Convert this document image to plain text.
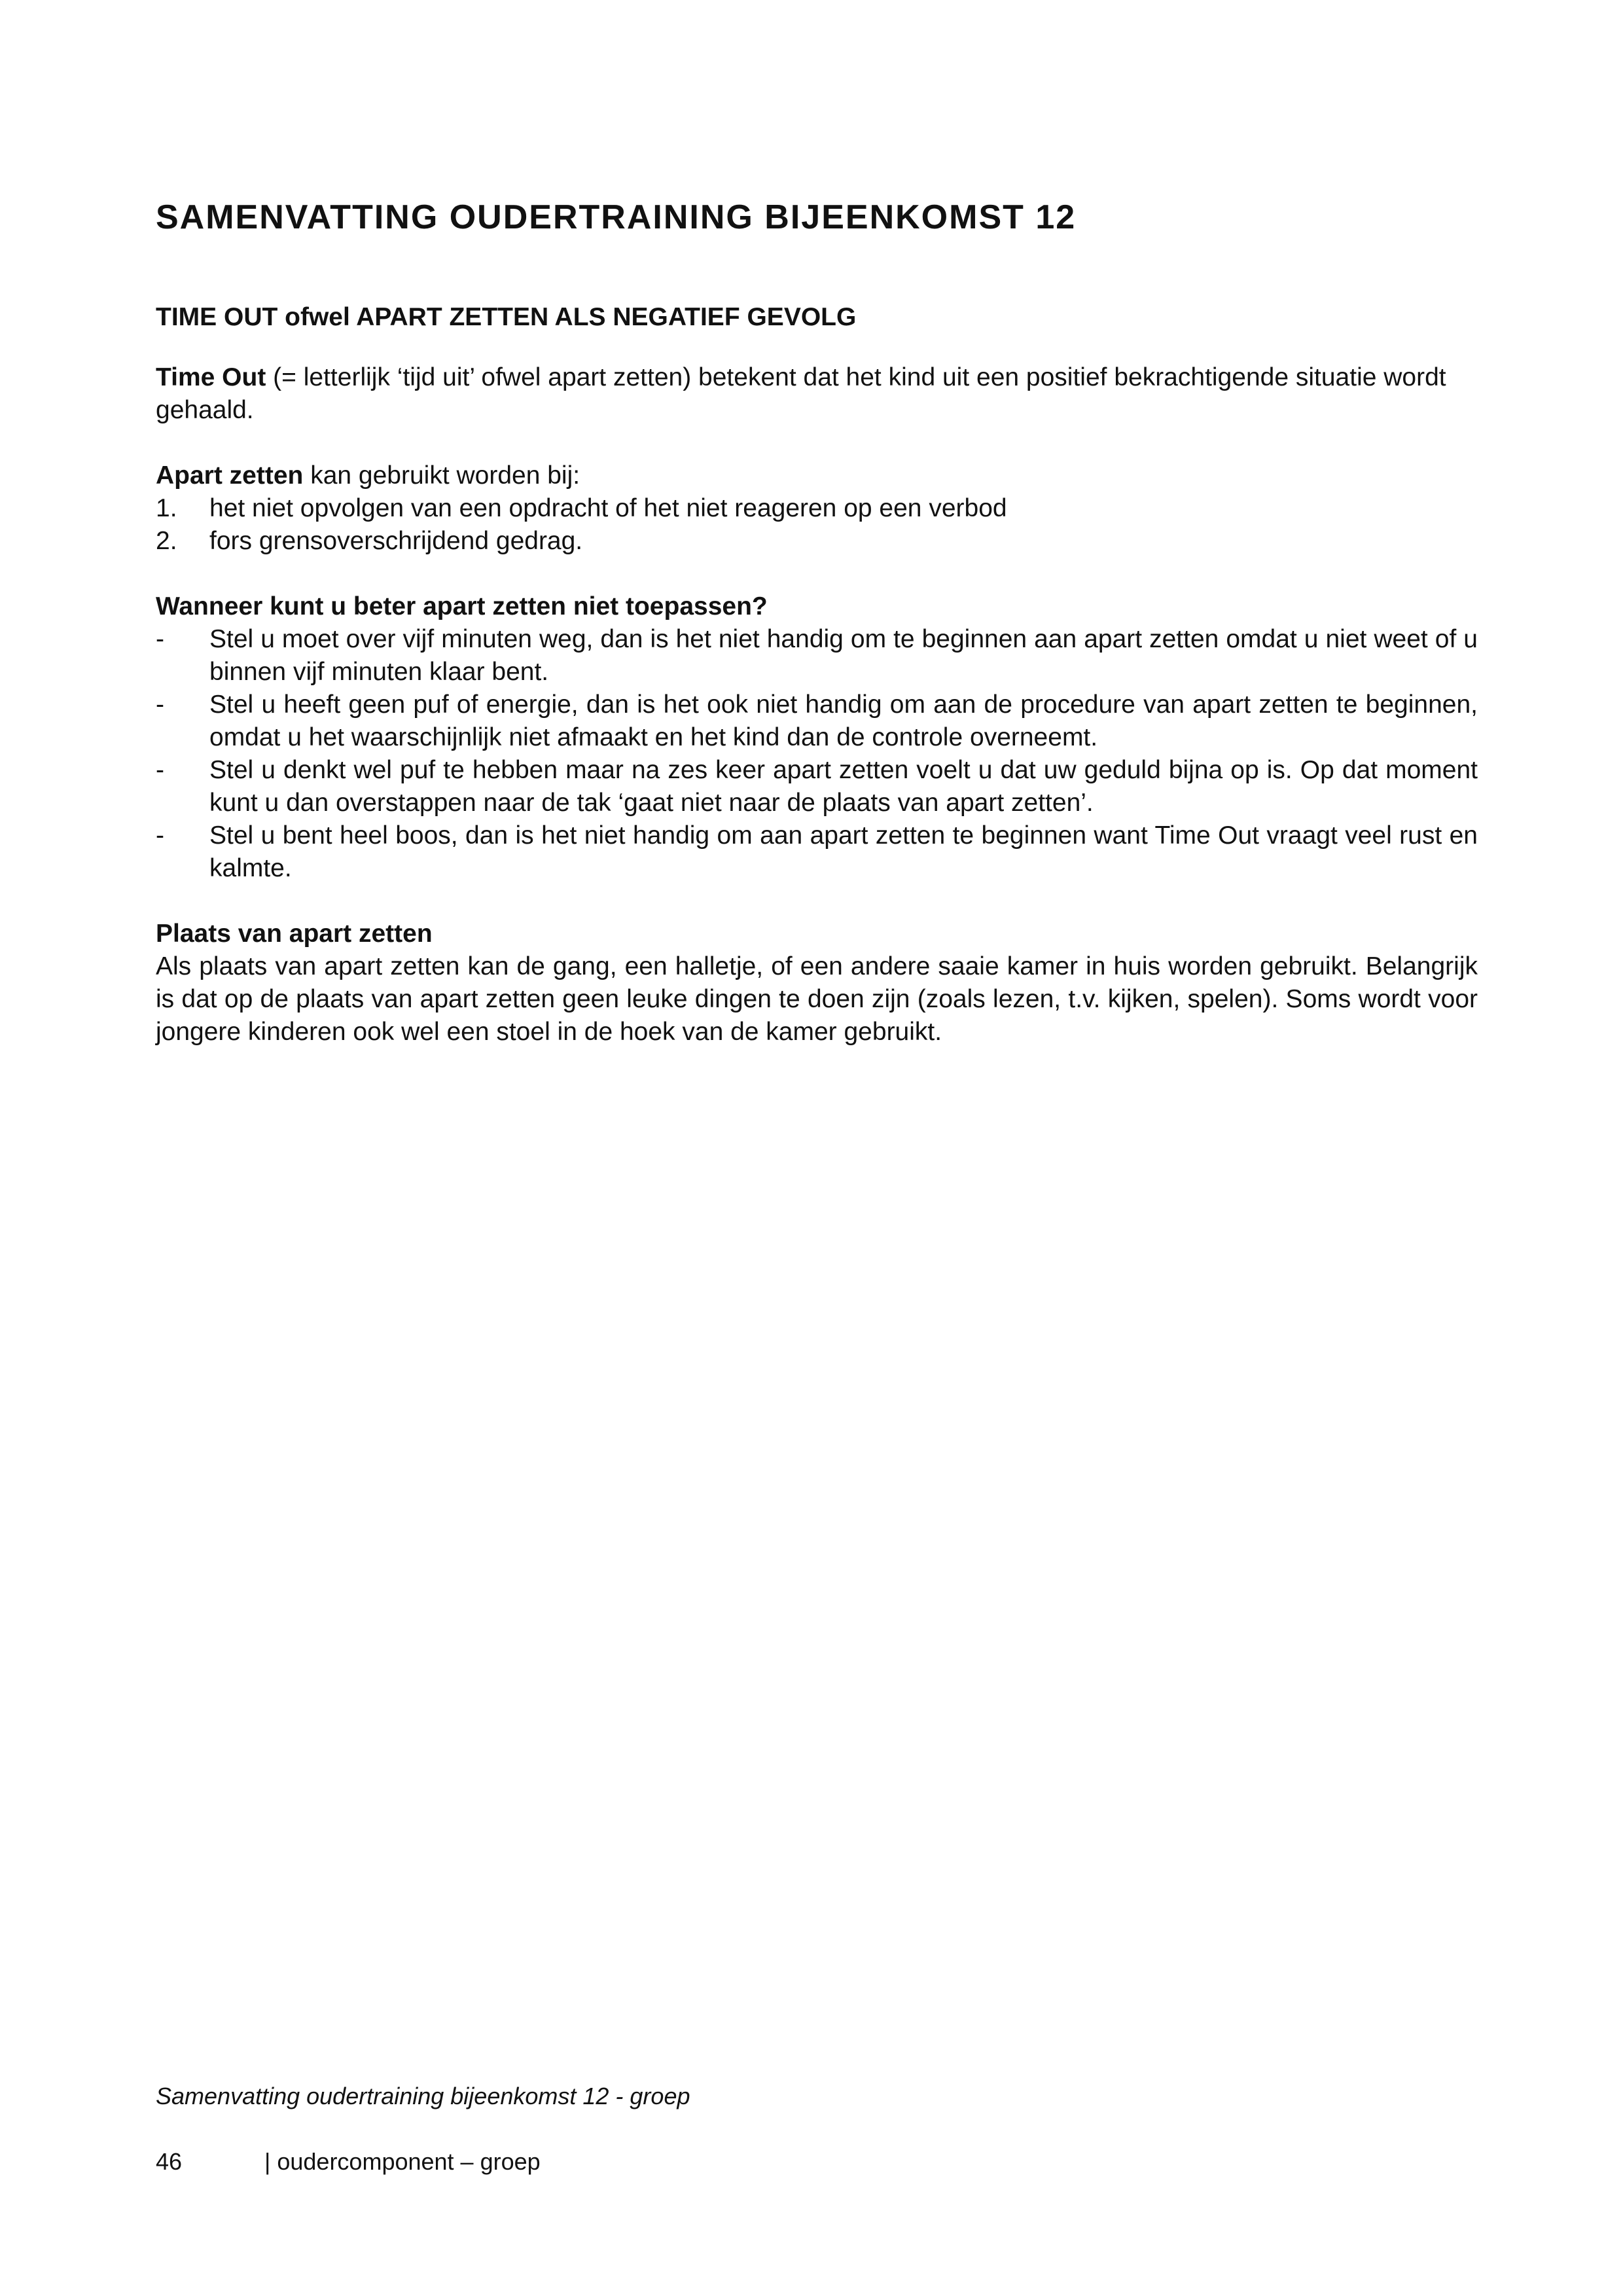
SAMENVATTING OUDERTRAINING BIJEENKOMST 12
TIME OUT ofwel APART ZETTEN ALS NEGATIEF GEVOLG

Time Out (= letterlijk ‘tijd uit’ ofwel apart zetten) betekent dat het kind uit een positief bekrachtigende situatie wordt gehaald.

Apart zetten kan gebruikt worden bij:

1.	het niet opvolgen van een opdracht of het niet reageren op een verbod
2.	fors grensoverschrijdend gedrag.

Wanneer kunt u beter apart zetten niet toepassen?

-	Stel u moet over vijf minuten weg, dan is het niet handig om te beginnen aan apart zetten omdat u niet weet of u binnen vijf minuten klaar bent.
-	Stel u heeft geen puf of energie, dan is het ook niet handig om aan de procedure van apart zetten te beginnen, omdat u het waarschijnlijk niet afmaakt en het kind dan de controle overneemt.
-	Stel u denkt wel puf te hebben maar na zes keer apart zetten voelt u dat uw geduld bijna op is. Op dat moment kunt u dan overstappen naar de tak ‘gaat niet naar de plaats van apart zetten’.
-	Stel u bent heel boos, dan is het niet handig om aan apart zetten te beginnen want Time Out vraagt veel rust en kalmte.

Plaats van apart zetten

Als plaats van apart zetten kan de gang, een halletje, of een andere saaie kamer in huis worden gebruikt. Belangrijk is dat op de plaats van apart zetten geen leuke dingen te doen zijn (zoals lezen, t.v. kijken, spelen). Soms wordt voor jongere kinderen ook wel een stoel in de hoek van de kamer gebruikt.

Samenvatting oudertraining bijeenkomst 12 - groep
46	| oudercomponent – groep
